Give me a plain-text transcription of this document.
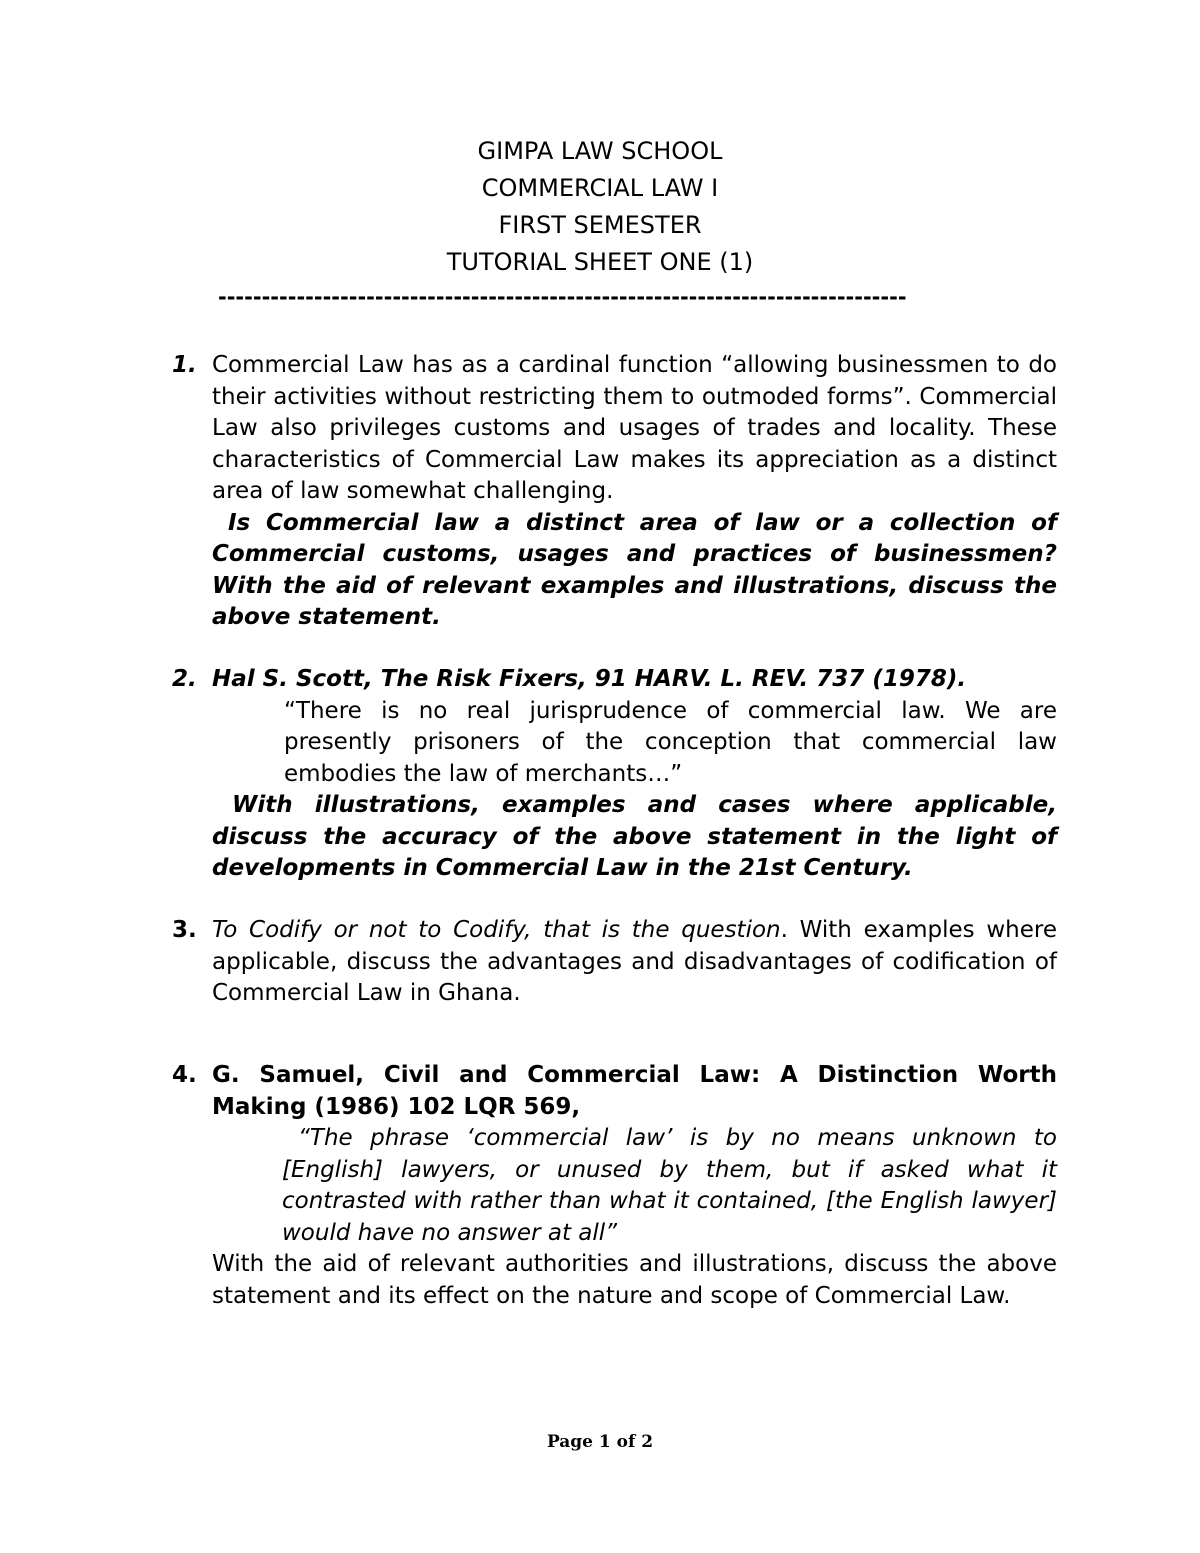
GIMPA LAW SCHOOL
COMMERCIAL LAW I
FIRST SEMESTER
TUTORIAL SHEET ONE (1)
-------------------------------------------------------------------------------
1. Commercial Law has as a cardinal function “allowing businessmen to do their activities without restricting them to outmoded forms”. Commercial Law also privileges customs and usages of trades and locality. These characteristics of Commercial Law makes its appreciation as a distinct area of law somewhat challenging.

Is Commercial law a distinct area of law or a collection of Commercial customs, usages and practices of businessmen? With the aid of relevant examples and illustrations, discuss the above statement.

2. Hal S. Scott, The Risk Fixers, 91 HARV. L. REV. 737 (1978).

“There is no real jurisprudence of commercial law. We are presently prisoners of the conception that commercial law embodies the law of merchants…”

With illustrations, examples and cases where applicable, discuss the accuracy of the above statement in the light of developments in Commercial Law in the 21st Century.

3. To Codify or not to Codify, that is the question. With examples where applicable, discuss the advantages and disadvantages of codification of Commercial Law in Ghana.

4. G. Samuel, Civil and Commercial Law: A Distinction Worth Making (1986) 102 LQR 569,

“The phrase ‘commercial law’ is by no means unknown to [English] lawyers, or unused by them, but if asked what it contrasted with rather than what it contained, [the English lawyer] would have no answer at all”

With the aid of relevant authorities and illustrations, discuss the above statement and its effect on the nature and scope of Commercial Law.

Page 1 of 2
